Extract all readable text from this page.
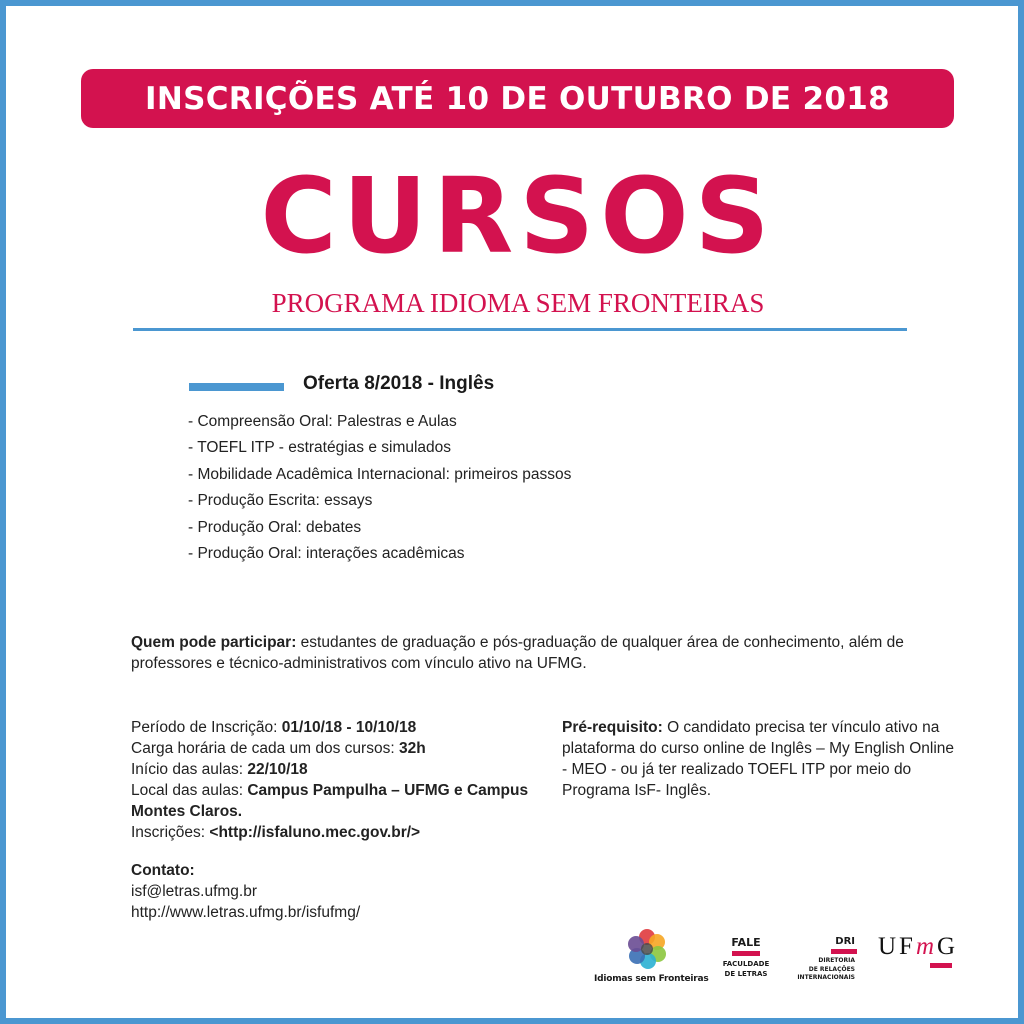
INSCRIÇÕES ATÉ 10 DE OUTUBRO DE 2018
CURSOS
PROGRAMA IDIOMA SEM FRONTEIRAS
Oferta 8/2018 - Inglês
- Compreensão Oral: Palestras e Aulas
- TOEFL ITP - estratégias e simulados
- Mobilidade Acadêmica Internacional: primeiros passos
- Produção Escrita: essays
- Produção Oral: debates
- Produção Oral: interações acadêmicas
Quem pode participar: estudantes de graduação e pós-graduação de qualquer área de conhecimento, além de professores e técnico-administrativos com vínculo ativo na UFMG.
Período de Inscrição: 01/10/18 - 10/10/18
Carga horária de cada um dos cursos: 32h
Início das aulas: 22/10/18
Local das aulas: Campus Pampulha – UFMG e Campus Montes Claros.
Inscrições: <http://isfaluno.mec.gov.br/>
Pré-requisito: O candidato precisa ter vínculo ativo na plataforma do curso online de Inglês – My English Online - MEO - ou já ter realizado TOEFL ITP por meio do Programa IsF- Inglês.
Contato:
isf@letras.ufmg.br
http://www.letras.ufmg.br/isfufmg/
Idiomas sem Fronteiras
FALE
FACULDADE
DE LETRAS
DRI
DIRETORIA
DE RELAÇÕES
INTERNACIONAIS
UFmG
